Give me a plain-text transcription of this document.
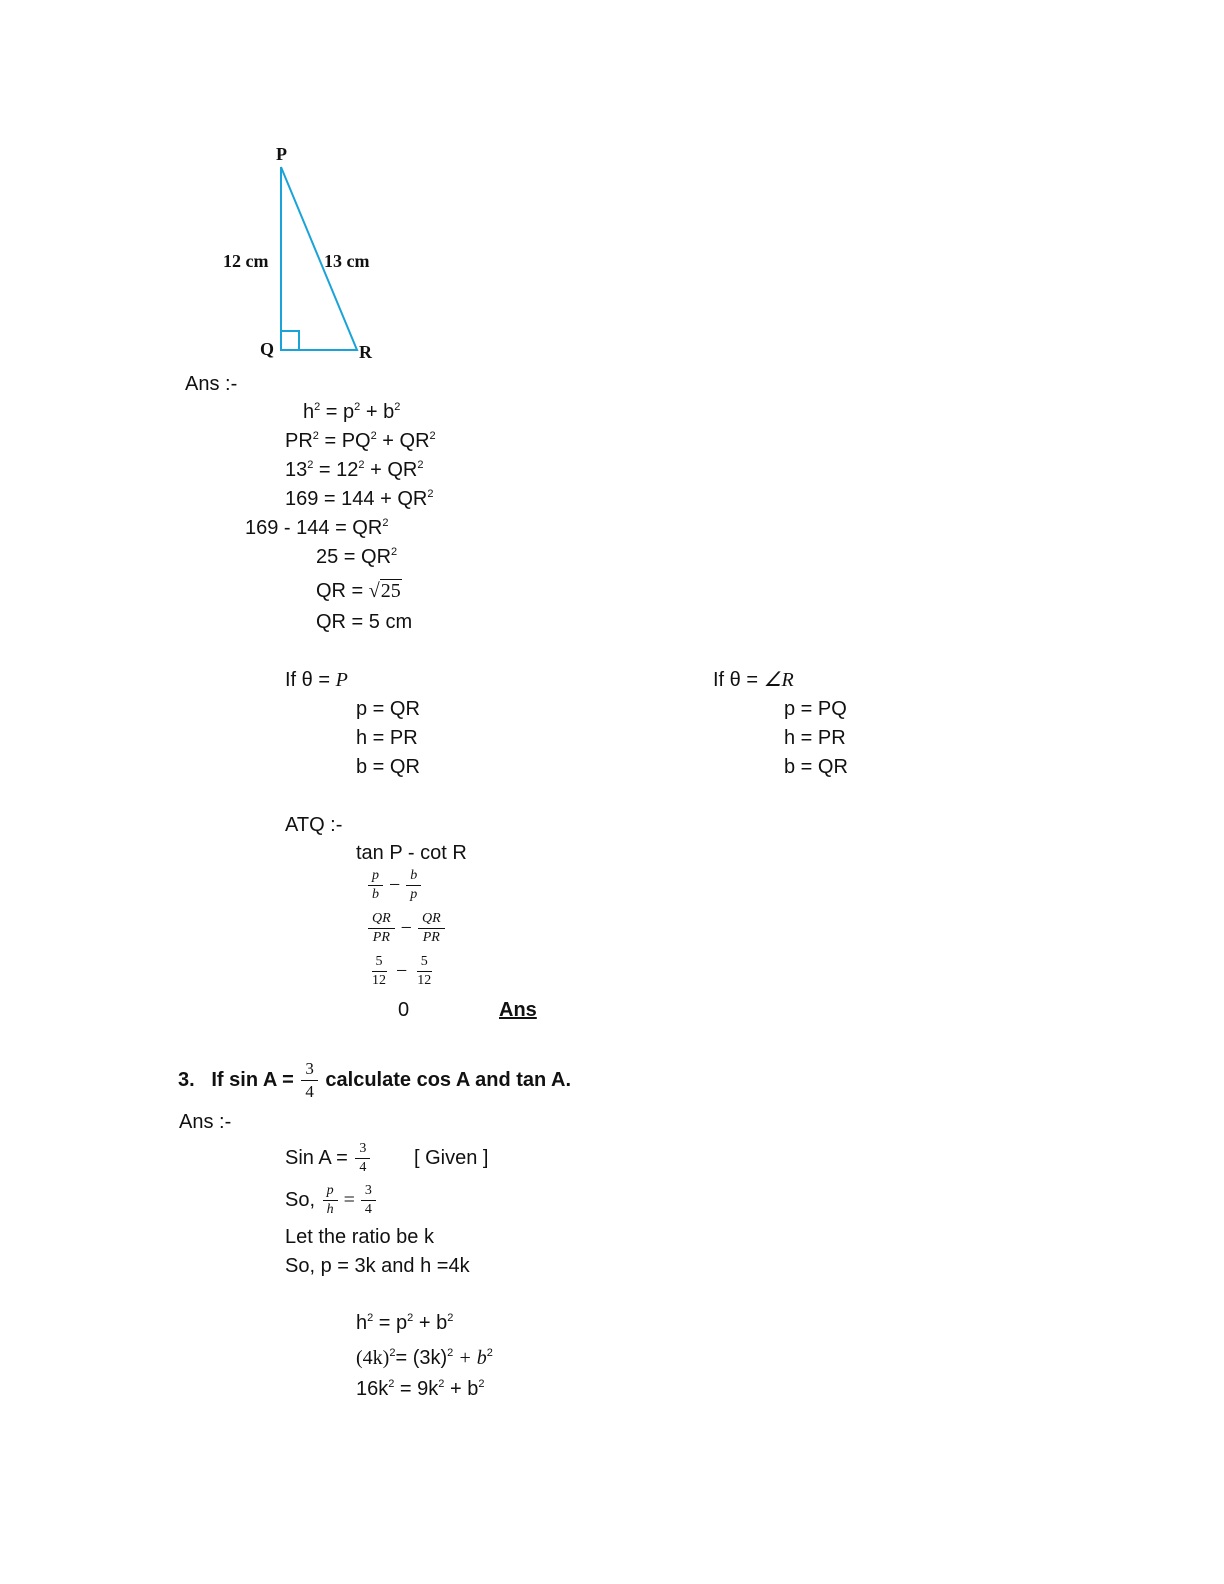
P
Q	R
12 cm	13 cm
Ans :-
$h^2 = p^2 + b^2$
$PR^2 = PQ^2 + QR^2$
$13^2 = 12^2 + QR^2$
$169 = 144 + QR^2$
$169 - 144 = QR^2$
$25 = QR^2$
QR = √25
QR = 5 cm
If θ = P
p = QR
h = PR
b = QR
If θ = ∠R
p = PQ
h = PR
b = QR
ATQ :-
tan P - cot R
$\frac{p}{b} - \frac{b}{p}$
$\frac{QR}{PR} - \frac{QR}{PR}$
$\frac{5}{12} - \frac{5}{12}$
0	Ans
3. If $\sin A = \frac{3}{4}$ calculate cos A and tan A.
Ans :-
Sin $A = \frac{3}{4}$ [ Given ]
So, $\frac{p}{h} = \frac{3}{4}$
Let the ratio be k
So, p = 3k and h =4k
$h^2 = p^2 + b^2$
$(4k)^2= (3k)^2 + b^2$
$16k^2 = 9k^2 + b^2$
